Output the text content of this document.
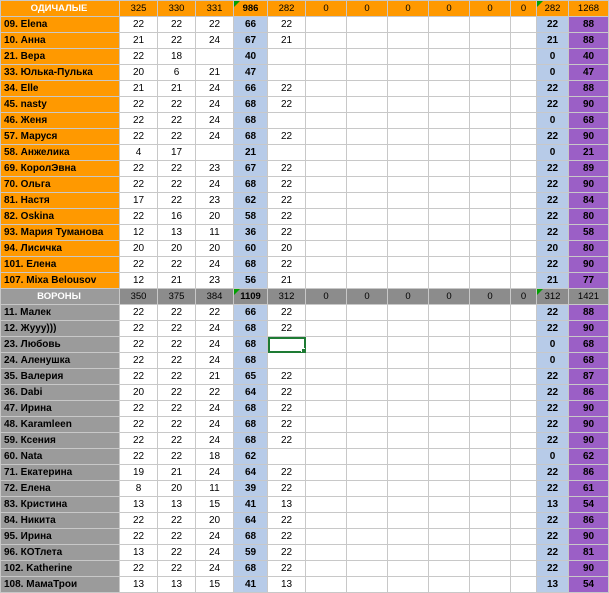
ОДИЧАЛЫЕ	325	330	331	986	282	0	0	0	0	0	0	282	1268
09. Elena	22	22	22	66	22							22	88
10. Анна	21	22	24	67	21							21	88
21. Вера	22	18		40								0	40
33. Юлька-Пулька	20	6	21	47								0	47
34. Elle	21	21	24	66	22							22	88
45. nasty	22	22	24	68	22							22	90
46. Женя	22	22	24	68								0	68
57. Маруся	22	22	24	68	22							22	90
58. Анжелика	4	17		21								0	21
69. КоролЭвна	22	22	23	67	22							22	89
70. Ольга	22	22	24	68	22							22	90
81. Настя	17	22	23	62	22							22	84
82. Oskina	22	16	20	58	22							22	80
93. Мария Туманова	12	13	11	36	22							22	58
94. Лисичка	20	20	20	60	20							20	80
101. Елена	22	22	24	68	22							22	90
107. Mixa Belousov	12	21	23	56	21							21	77
ВОРОНЫ	350	375	384	1109	312	0	0	0	0	0	0	312	1421
11. Малек	22	22	22	66	22							22	88
12. Жууу)))	22	22	24	68	22							22	90
23. Любовь	22	22	24	68								0	68
24. Аленушка	22	22	24	68								0	68
35. Валерия	22	22	21	65	22							22	87
36. Dabi	20	22	22	64	22							22	86
47. Ирина	22	22	24	68	22							22	90
48. Karamleen	22	22	24	68	22							22	90
59. Ксения	22	22	24	68	22							22	90
60. Nata	22	22	18	62								0	62
71. Екатерина	19	21	24	64	22							22	86
72. Елена	8	20	11	39	22							22	61
83. Кристина	13	13	15	41	13							13	54
84. Никита	22	22	20	64	22							22	86
95. Ирина	22	22	24	68	22							22	90
96. КОТлета	13	22	24	59	22							22	81
102. Katherine	22	22	24	68	22							22	90
108. МамаТрои	13	13	15	41	13							13	54
